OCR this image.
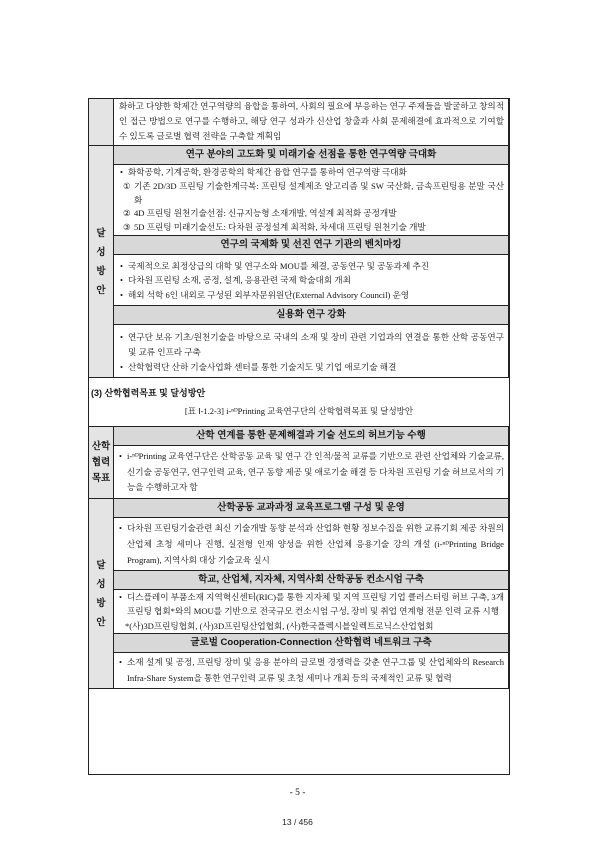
	화하고 다양한 학제간 연구역량의 융합을 통하여, 사회의 필요에 부응하는 연구 주제들을 발굴하고 창의적인 접근 방법으로 연구를 수행하고, 해당 연구 성과가 신산업 창출과 사회 문제해결에 효과적으로 기여할 수 있도록 글로벌 협력 전략을 구축할 계획임

달성방안	연구 분야의 고도화 및 미래기술 선점을 통한 연구역량 극대화

	• 화학공학, 기계공학, 환경공학의 학제간 융합 연구를 통하여 연구역량 극대화
① 기존 2D/3D 프린팅 기술한계극복: 프린팅 설계제조 알고리즘 및 SW 국산화, 금속프린팅용 분말 국산화
② 4D 프린팅 원천기술선점: 신규지능형 소재개발, 역설계 최적화 공정개발
③ 5D 프린팅 미래기술선도: 다차원 공정설계 최적화, 차세대 프린팅 원천기술 개발

	연구의 국제화 및 선진 연구 기관의 벤치마킹

	• 국제적으로 최정상급의 대학 및 연구소와 MOU를 체결, 공동연구 및 공동과제 추진
• 다차원 프린팅 소재, 공정, 설계, 응용관련 국제 학술대회 개최
• 해외 석학 6인 내외로 구성된 외부자문위원단(External Advisory Council) 운영

	실용화 연구 강화

	• 연구단 보유 기초/원천기술을 바탕으로 국내의 소재 및 장비 관련 기업과의 연결을 통한 산학 공동연구 및 교류 인프라 구축
• 산학협력단 산하 기술사업화 센터를 통한 기술지도 및 기업 애로기술 해결
(3) 산학협력목표 및 달성방안
[표 Ⅰ-1.2-3] i-ⁿᴰPrinting 교육연구단의 산학협력목표 및 달성방안
산학협력목표	산학 연계를 통한 문제해결과 기술 선도의 허브기능 수행

	• i-ⁿᴰPrinting 교육연구단은 산학공동 교육 및 연구 간 인적/물적 교류를 기반으로 관련 산업체와 기술교류, 신기술 공동연구, 연구인력 교육, 연구 동향 제공 및 애로기술 해결 등 다차원 프린팅 기술 허브로서의 기능을 수행하고자 함

달성방안	산학공동 교과과정 교육프로그램 구성 및 운영

	• 다차원 프린팅기술관련 최신 기술개발 동향 분석과 산업화 현황 정보수집을 위한 교류기회 제공 차원의 산업체 초청 세미나 진행, 실전형 인재 양성을 위한 산업체 응용기술 강의 개설 (i-ⁿᴰPrinting Bridge Program), 지역사회 대상 기술교육 실시

	학교, 산업체, 지자체, 지역사회 산학공동 컨소시엄 구축

	• 디스플레이 부품소재 지역혁신센터(RIC)를 통한 지자체 및 지역 프린팅 기업 클러스터링 허브 구축, 3개 프린팅 협회*와의 MOU를 기반으로 전국규모 컨소시엄 구성, 장비 및 취업 연계형 전문 인력 교류 시행
*(사)3D프린팅협회, (사)3D프린팅산업협회, (사)한국플렉시블일렉트로닉스산업협회

	글로벌 Cooperation-Connection 산학협력 네트워크 구축

	• 소재 설계 및 공정, 프린팅 장비 및 응용 분야의 글로벌 경쟁력을 갖춘 연구그룹 및 산업체와의 Research Infra-Share System을 통한 연구인력 교류 및 초청 세미나 개최 등의 국제적인 교류 및 협력
- 5 -
13 / 456
